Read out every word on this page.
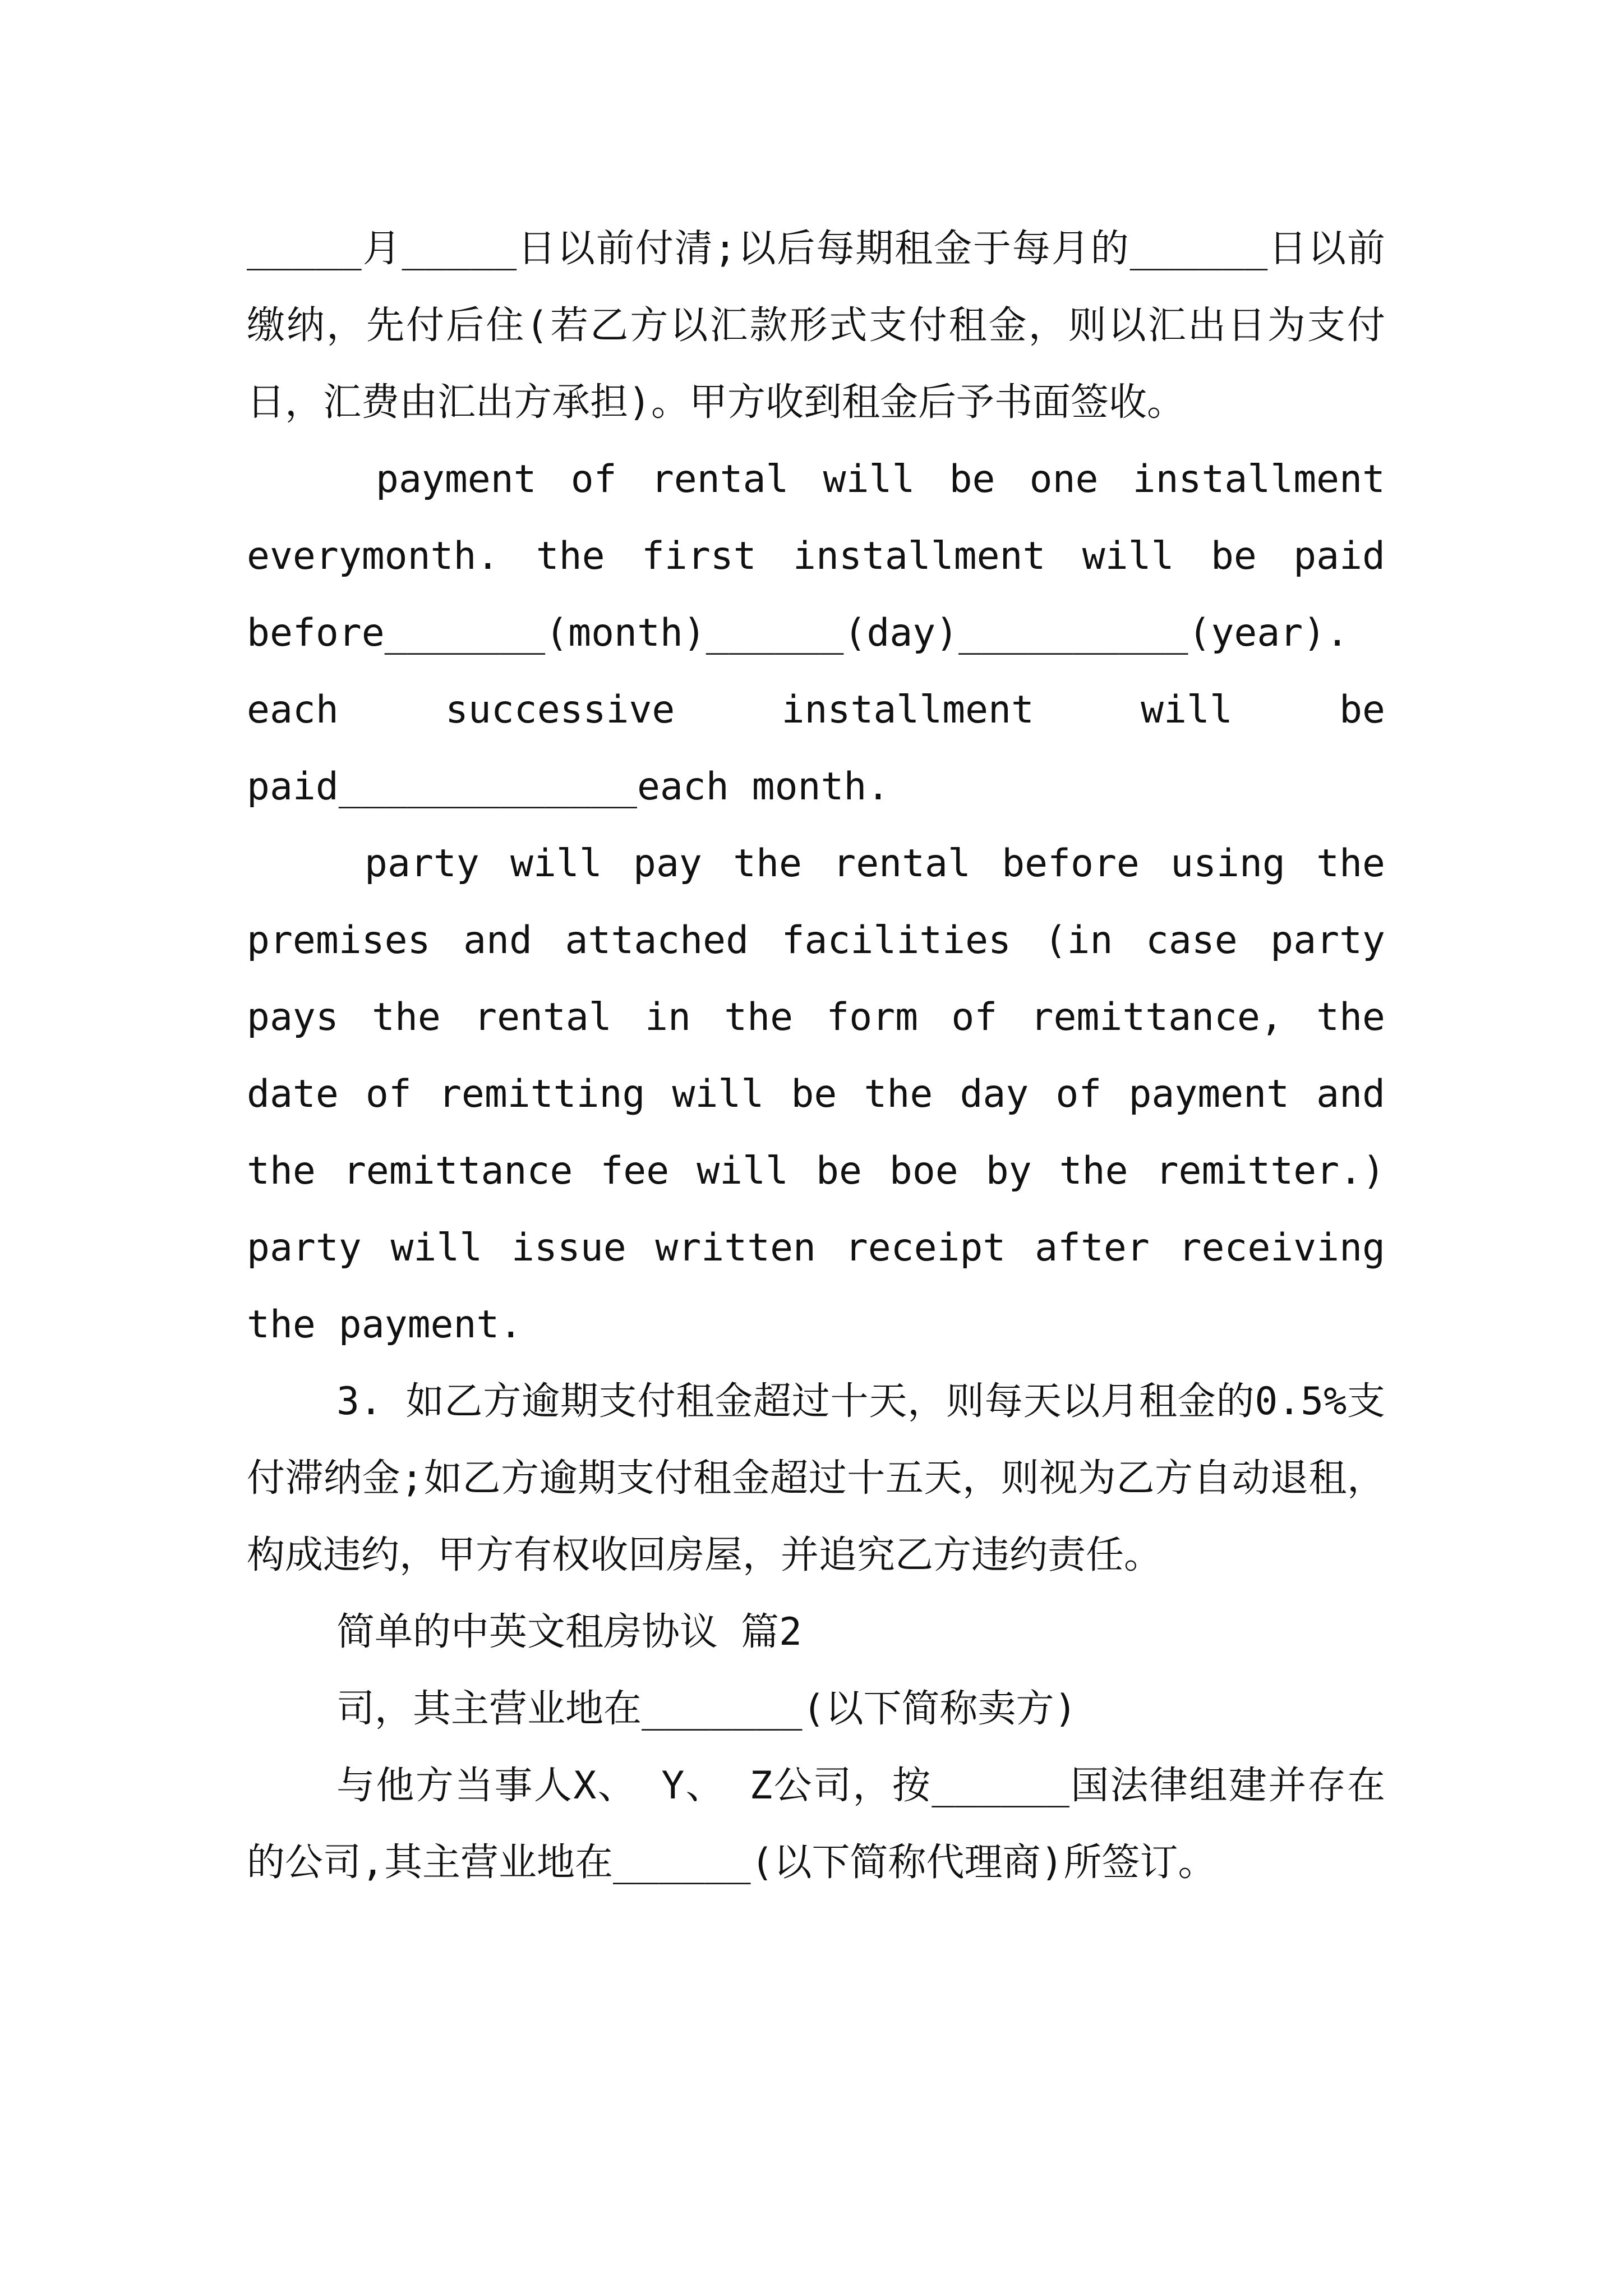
_____月_____日以前付清;以后每期租金于每月的______日以前缴纳，先付后住(若乙方以汇款形式支付租金，则以汇出日为支付日，汇费由汇出方承担)。甲方收到租金后予书面签收。

payment of rental will be one installment everymonth. the first installment will be paid before_______(month)______(day)__________(year). each successive installment will be paid_____________each month.

party will pay the rental before using the premises and attached facilities (in case party pays the rental in the form of remittance, the date of remitting will be the day of payment and the remittance fee will be boe by the remitter.) party will issue written receipt after receiving the payment.

3. 如乙方逾期支付租金超过十天，则每天以月租金的0.5%支付滞纳金;如乙方逾期支付租金超过十五天，则视为乙方自动退租，构成违约，甲方有权收回房屋，并追究乙方违约责任。

简单的中英文租房协议 篇2

司，其主营业地在_______(以下简称卖方)

与他方当事人X、 Y、 Z公司，按______国法律组建并存在的公司,其主营业地在______(以下简称代理商)所签订。
